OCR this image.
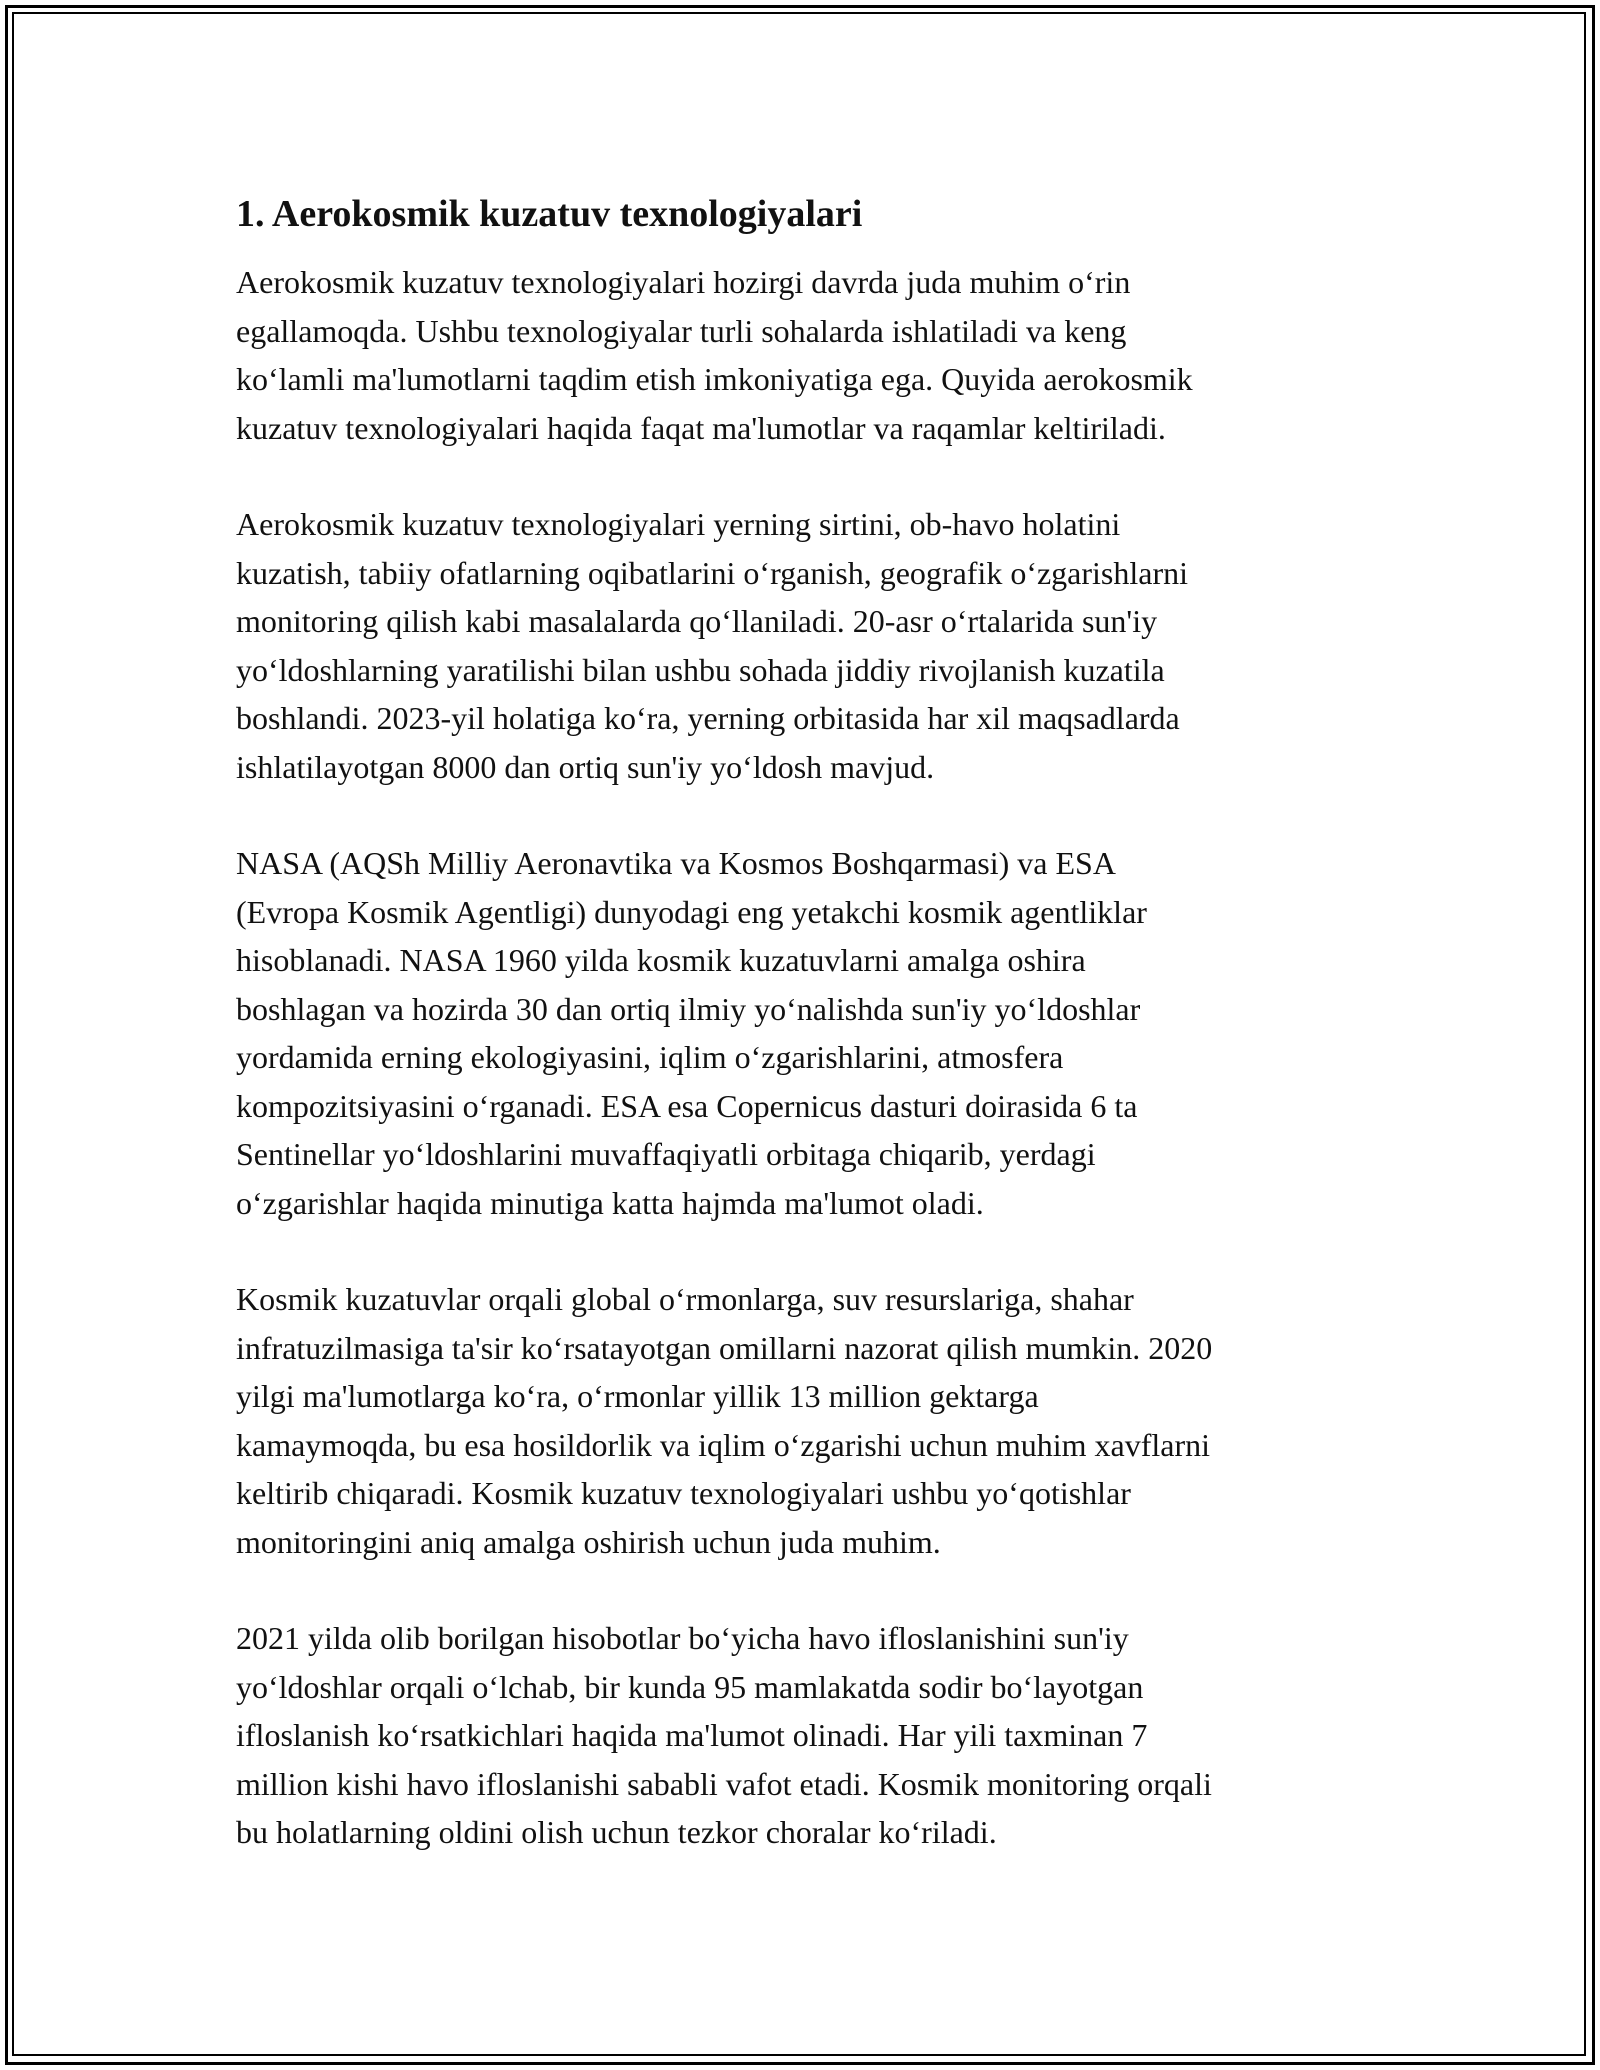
1. Aerokosmik kuzatuv texnologiyalari
Aerokosmik kuzatuv texnologiyalari hozirgi davrda juda muhim o‘rin
egallamoqda. Ushbu texnologiyalar turli sohalarda ishlatiladi va keng
ko‘lamli ma'lumotlarni taqdim etish imkoniyatiga ega. Quyida aerokosmik
kuzatuv texnologiyalari haqida faqat ma'lumotlar va raqamlar keltiriladi.
Aerokosmik kuzatuv texnologiyalari yerning sirtini, ob-havo holatini
kuzatish, tabiiy ofatlarning oqibatlarini o‘rganish, geografik o‘zgarishlarni
monitoring qilish kabi masalalarda qo‘llaniladi. 20-asr o‘rtalarida sun'iy
yo‘ldoshlarning yaratilishi bilan ushbu sohada jiddiy rivojlanish kuzatila
boshlandi. 2023-yil holatiga ko‘ra, yerning orbitasida har xil maqsadlarda
ishlatilayotgan 8000 dan ortiq sun'iy yo‘ldosh mavjud.
NASA (AQSh Milliy Aeronavtika va Kosmos Boshqarmasi) va ESA
(Evropa Kosmik Agentligi) dunyodagi eng yetakchi kosmik agentliklar
hisoblanadi. NASA 1960 yilda kosmik kuzatuvlarni amalga oshira
boshlagan va hozirda 30 dan ortiq ilmiy yo‘nalishda sun'iy yo‘ldoshlar
yordamida erning ekologiyasini, iqlim o‘zgarishlarini, atmosfera
kompozitsiyasini o‘rganadi. ESA esa Copernicus dasturi doirasida 6 ta
Sentinellar yo‘ldoshlarini muvaffaqiyatli orbitaga chiqarib, yerdagi
o‘zgarishlar haqida minutiga katta hajmda ma'lumot oladi.
Kosmik kuzatuvlar orqali global o‘rmonlarga, suv resurslariga, shahar
infratuzilmasiga ta'sir ko‘rsatayotgan omillarni nazorat qilish mumkin. 2020
yilgi ma'lumotlarga ko‘ra, o‘rmonlar yillik 13 million gektarga
kamaymoqda, bu esa hosildorlik va iqlim o‘zgarishi uchun muhim xavflarni
keltirib chiqaradi. Kosmik kuzatuv texnologiyalari ushbu yo‘qotishlar
monitoringini aniq amalga oshirish uchun juda muhim.
2021 yilda olib borilgan hisobotlar bo‘yicha havo ifloslanishini sun'iy
yo‘ldoshlar orqali o‘lchab, bir kunda 95 mamlakatda sodir bo‘layotgan
ifloslanish ko‘rsatkichlari haqida ma'lumot olinadi. Har yili taxminan 7
million kishi havo ifloslanishi sababli vafot etadi. Kosmik monitoring orqali
bu holatlarning oldini olish uchun tezkor choralar ko‘riladi.
